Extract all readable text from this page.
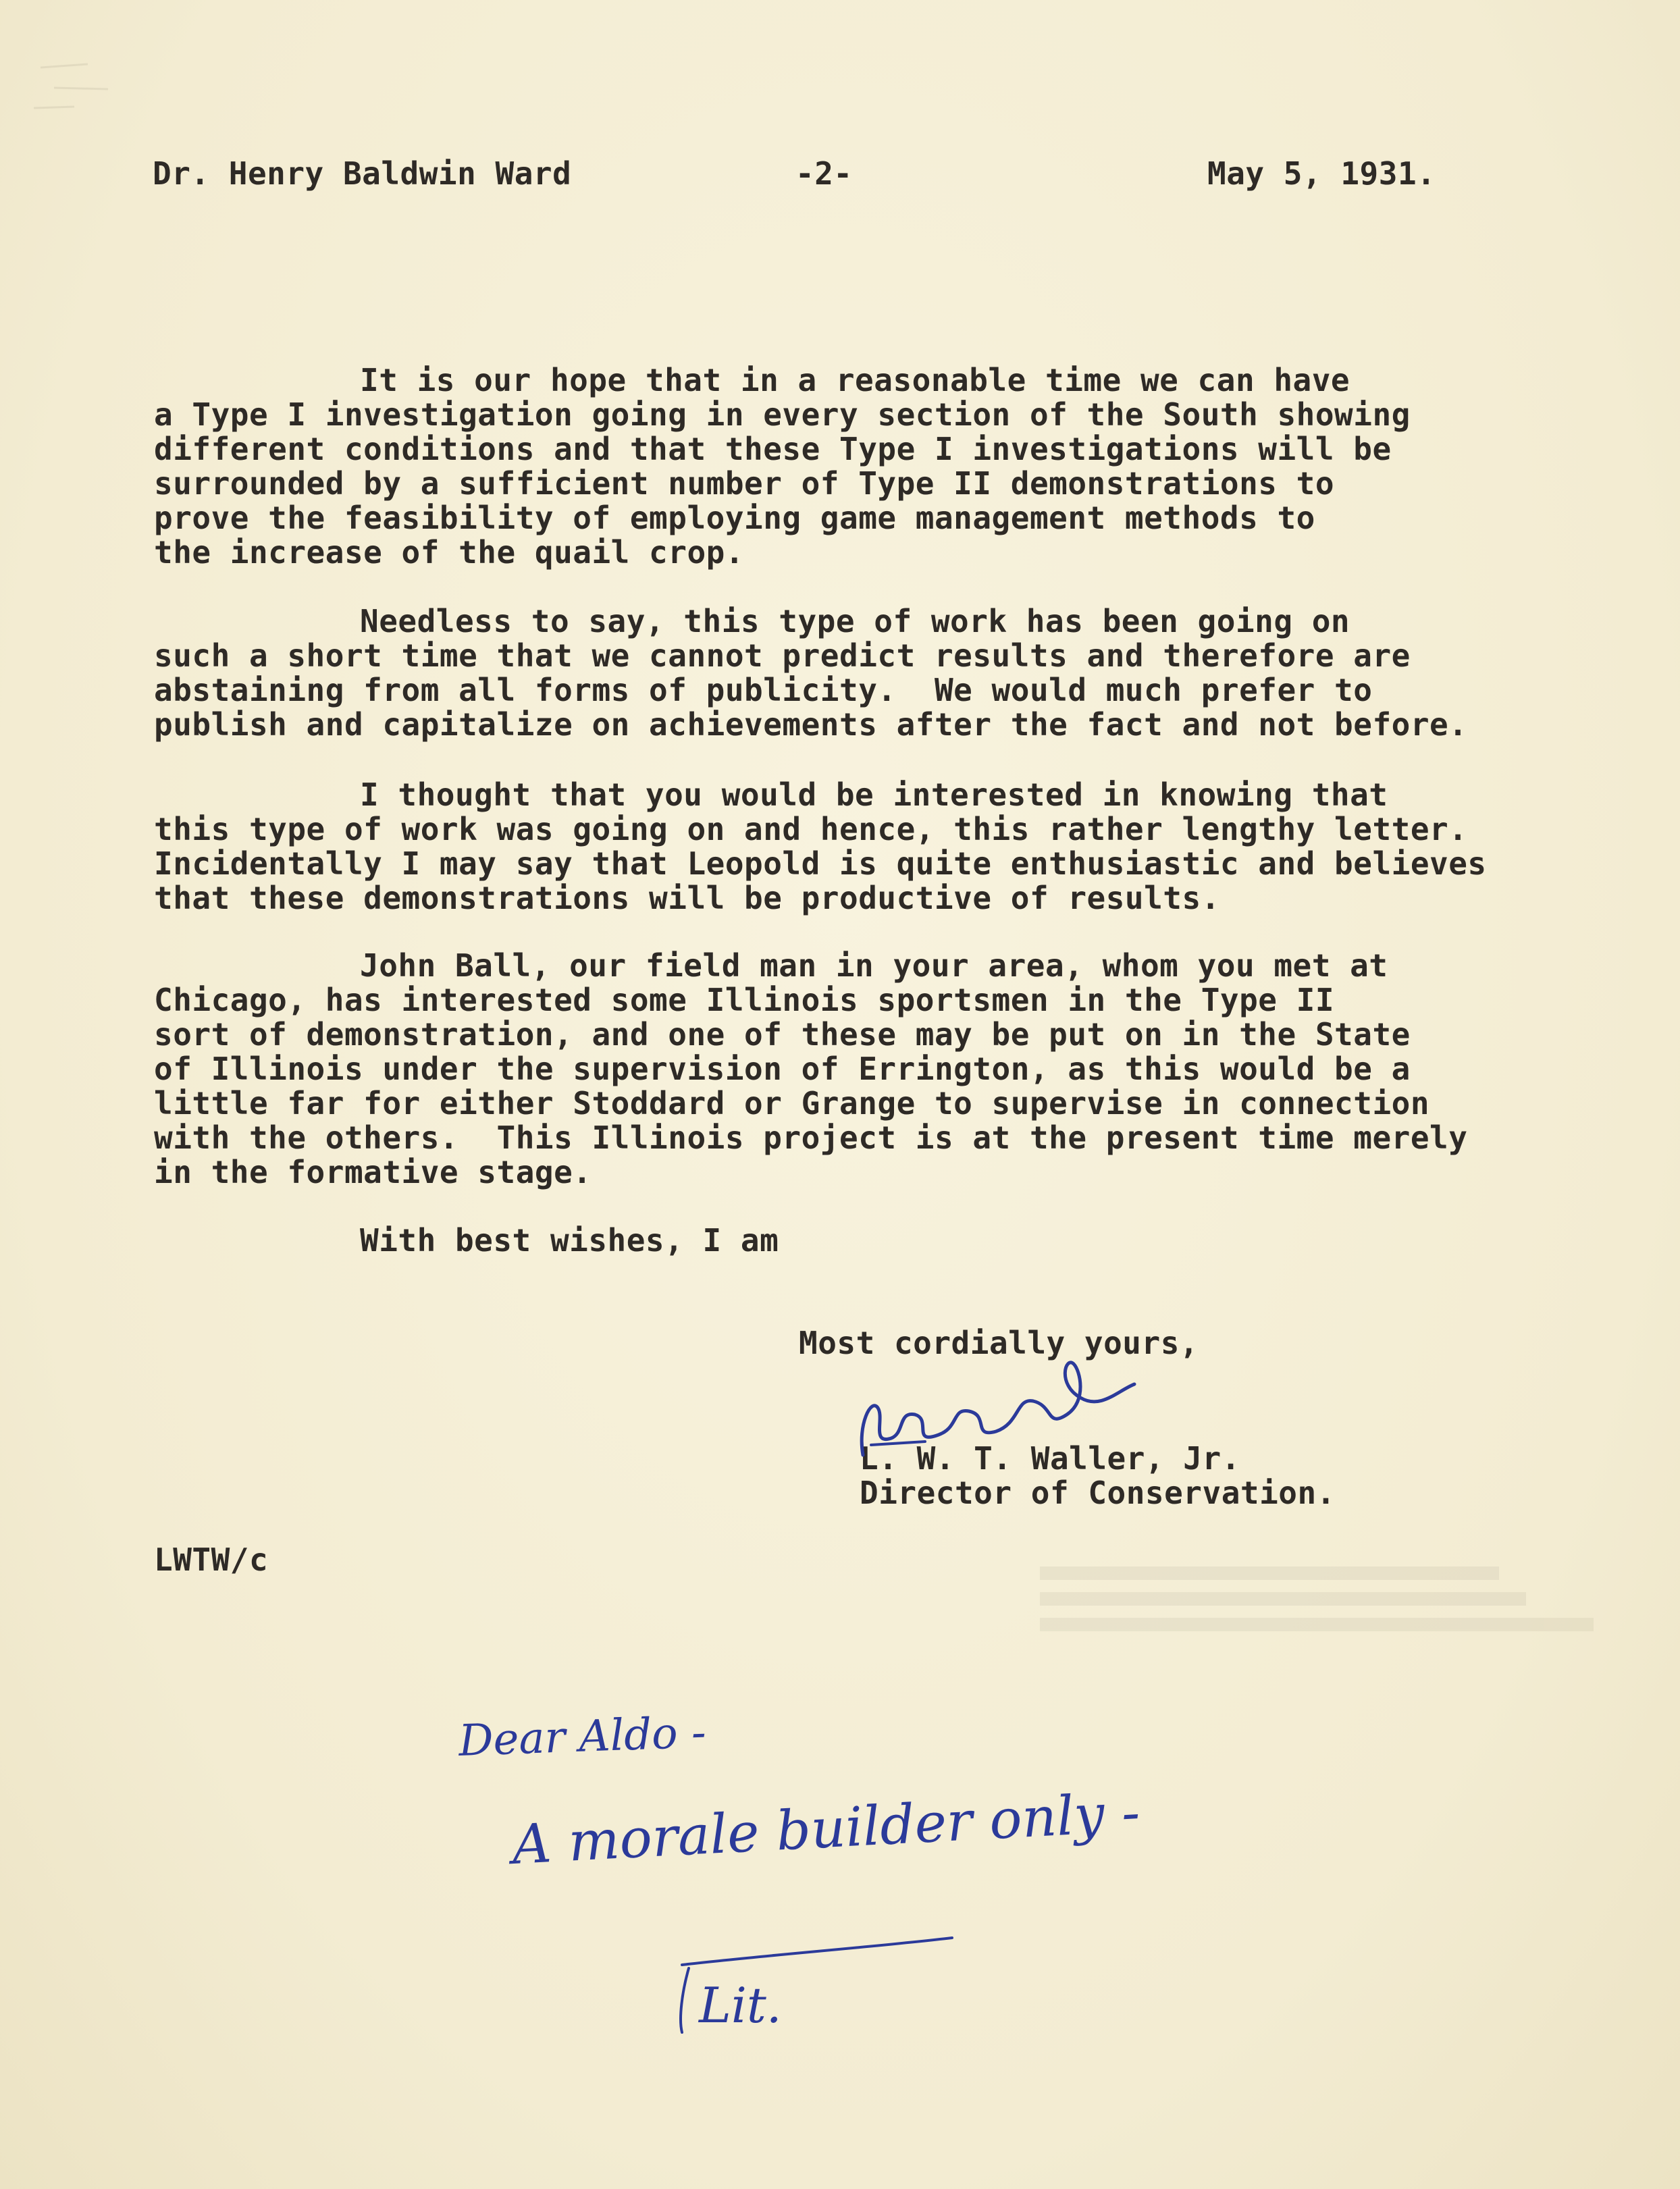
Dr. Henry Baldwin Ward	-2-	May 5, 1931.
It is our hope that in a reasonable time we can have
a Type I investigation going in every section of the South showing
different conditions and that these Type I investigations will be
surrounded by a sufficient number of Type II demonstrations to
prove the feasibility of employing game management methods to
the increase of the quail crop.
Needless to say, this type of work has been going on
such a short time that we cannot predict results and therefore are
abstaining from all forms of publicity.  We would much prefer to
publish and capitalize on achievements after the fact and not before.
I thought that you would be interested in knowing that
this type of work was going on and hence, this rather lengthy letter.
Incidentally I may say that Leopold is quite enthusiastic and believes
that these demonstrations will be productive of results.
John Ball, our field man in your area, whom you met at
Chicago, has interested some Illinois sportsmen in the Type II
sort of demonstration, and one of these may be put on in the State
of Illinois under the supervision of Errington, as this would be a
little far for either Stoddard or Grange to supervise in connection
with the others.  This Illinois project is at the present time merely
in the formative stage.
With best wishes, I am
Most cordially yours,
L. W. T. Waller, Jr.
Director of Conservation.
LWTW/c
Dear Aldo -
A morale builder only -
Lit.
